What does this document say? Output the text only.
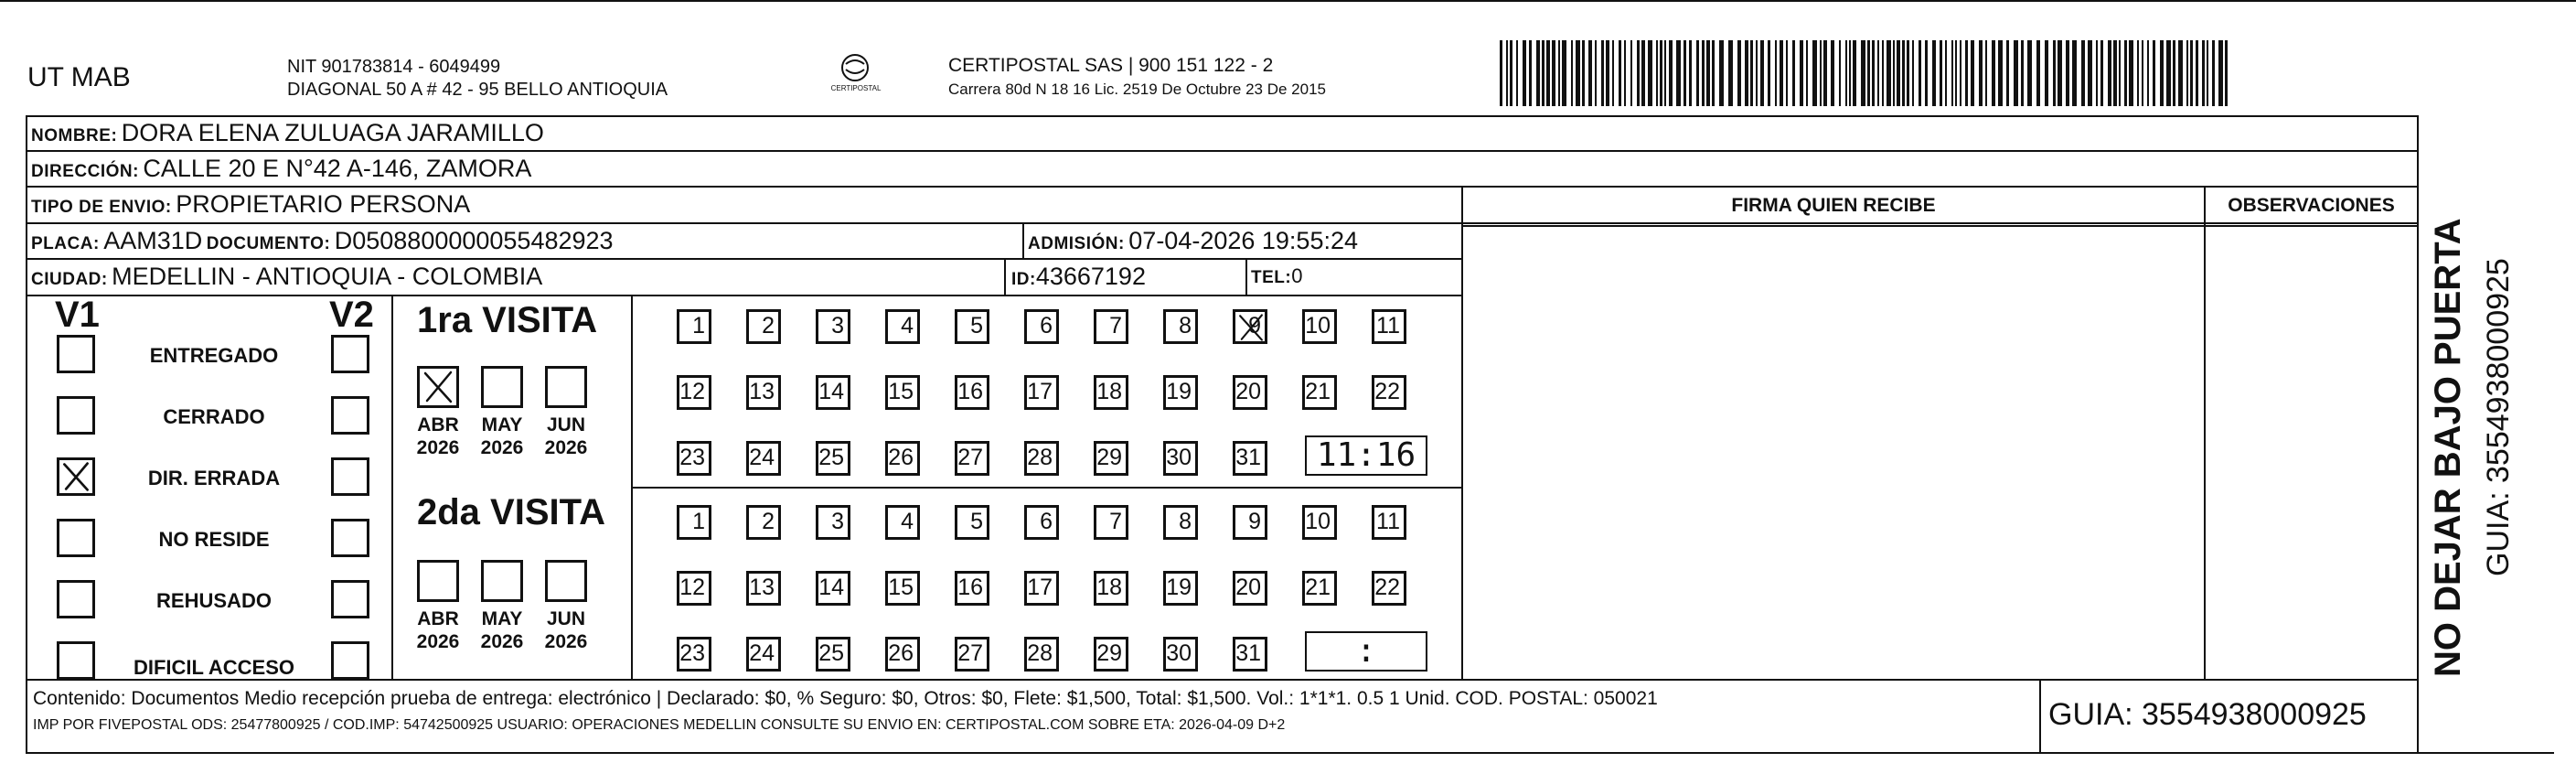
UT MAB	NIT 901783814 - 6049499
DIAGONAL 50 A # 42 - 95 BELLO ANTIOQUIA	CERTIPOSTAL
CERTIPOSTAL SAS | 900 151 122 - 2
Carrera 80d N 18 16 Lic. 2519 De Octubre 23 De 2015
NOMBRE: DORA ELENA ZULUAGA JARAMILLO
DIRECCIÓN: CALLE 20 E N°42 A-146, ZAMORA
TIPO DE ENVIO: PROPIETARIO PERSONA	FIRMA QUIEN RECIBE	OBSERVACIONES
PLACA: AAM31D DOCUMENTO: D0508800000055482923	ADMISIÓN: 07-04-2026 19:55:24
CIUDAD: MEDELLIN - ANTIOQUIA - COLOMBIA	ID:43667192	TEL:0
V1	V2
ENTREGADO
CERRADO
DIR. ERRADA
NO RESIDE
REHUSADO
DIFICIL ACCESO
1ra VISITA
ABR
2026
MAY
2026
JUN
2026
1 2 3 4 5 6 7 8 9 10 11
12 13 14 15 16 17 18 19 20 21 22
23 24 25 26 27 28 29 30 31	11:16
2da VISITA
ABR
2026
MAY
2026
JUN
2026
1 2 3 4 5 6 7 8 9 10 11
12 13 14 15 16 17 18 19 20 21 22
23 24 25 26 27 28 29 30 31	:
Contenido: Documentos Medio recepción prueba de entrega: electrónico | Declarado: $0, % Seguro: $0, Otros: $0, Flete: $1,500, Total: $1,500. Vol.: 1*1*1. 0.5 1 Unid. COD. POSTAL: 050021
IMP POR FIVEPOSTAL ODS: 25477800925 / COD.IMP: 54742500925 USUARIO: OPERACIONES MEDELLIN CONSULTE SU ENVIO EN: CERTIPOSTAL.COM SOBRE ETA: 2026-04-09 D+2	GUIA: 3554938000925
NO DEJAR BAJO PUERTA GUIA: 3554938000925
